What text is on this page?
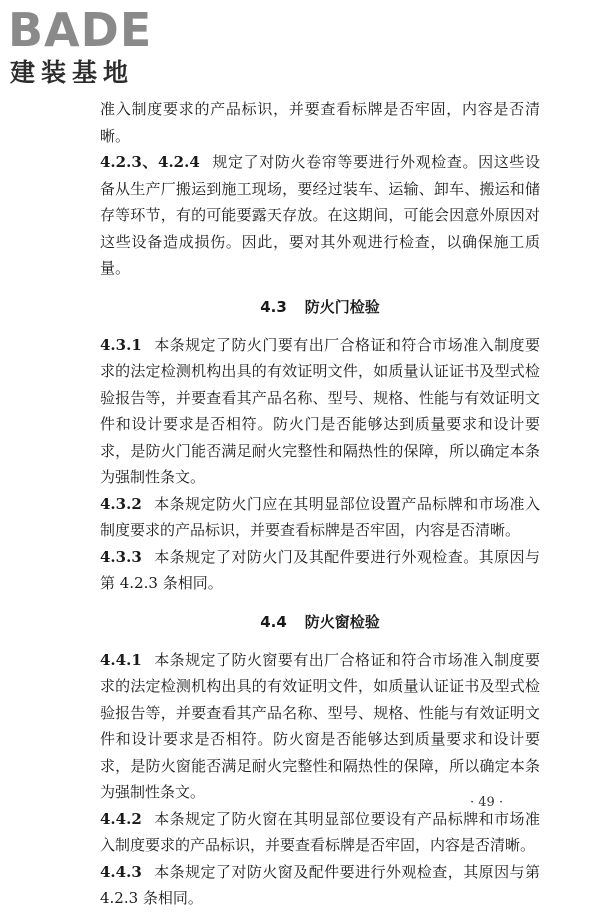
BADE
建装基地

准入制度要求的产品标识，并要查看标牌是否牢固，内容是否清晰。

4.2.3、4.2.4 规定了对防火卷帘等要进行外观检查。因这些设备从生产厂搬运到施工现场，要经过装车、运输、卸车、搬运和储存等环节，有的可能要露天存放。在这期间，可能会因意外原因对这些设备造成损伤。因此，要对其外观进行检查，以确保施工质量。

4.3 防火门检验

4.3.1 本条规定了防火门要有出厂合格证和符合市场准入制度要求的法定检测机构出具的有效证明文件，如质量认证证书及型式检验报告等，并要查看其产品名称、型号、规格、性能与有效证明文件和设计要求是否相符。防火门是否能够达到质量要求和设计要求，是防火门能否满足耐火完整性和隔热性的保障，所以确定本条为强制性条文。

4.3.2 本条规定防火门应在其明显部位设置产品标牌和市场准入制度要求的产品标识，并要查看标牌是否牢固，内容是否清晰。

4.3.3 本条规定了对防火门及其配件要进行外观检查。其原因与第 4.2.3 条相同。

4.4 防火窗检验

4.4.1 本条规定了防火窗要有出厂合格证和符合市场准入制度要求的法定检测机构出具的有效证明文件，如质量认证证书及型式检验报告等，并要查看其产品名称、型号、规格、性能与有效证明文件和设计要求是否相符。防火窗是否能够达到质量要求和设计要求，是防火窗能否满足耐火完整性和隔热性的保障，所以确定本条为强制性条文。

4.4.2 本条规定了防火窗在其明显部位要设有产品标牌和市场准入制度要求的产品标识，并要查看标牌是否牢固，内容是否清晰。

4.4.3 本条规定了对防火窗及配件要进行外观检查，其原因与第 4.2.3 条相同。

· 49 ·
